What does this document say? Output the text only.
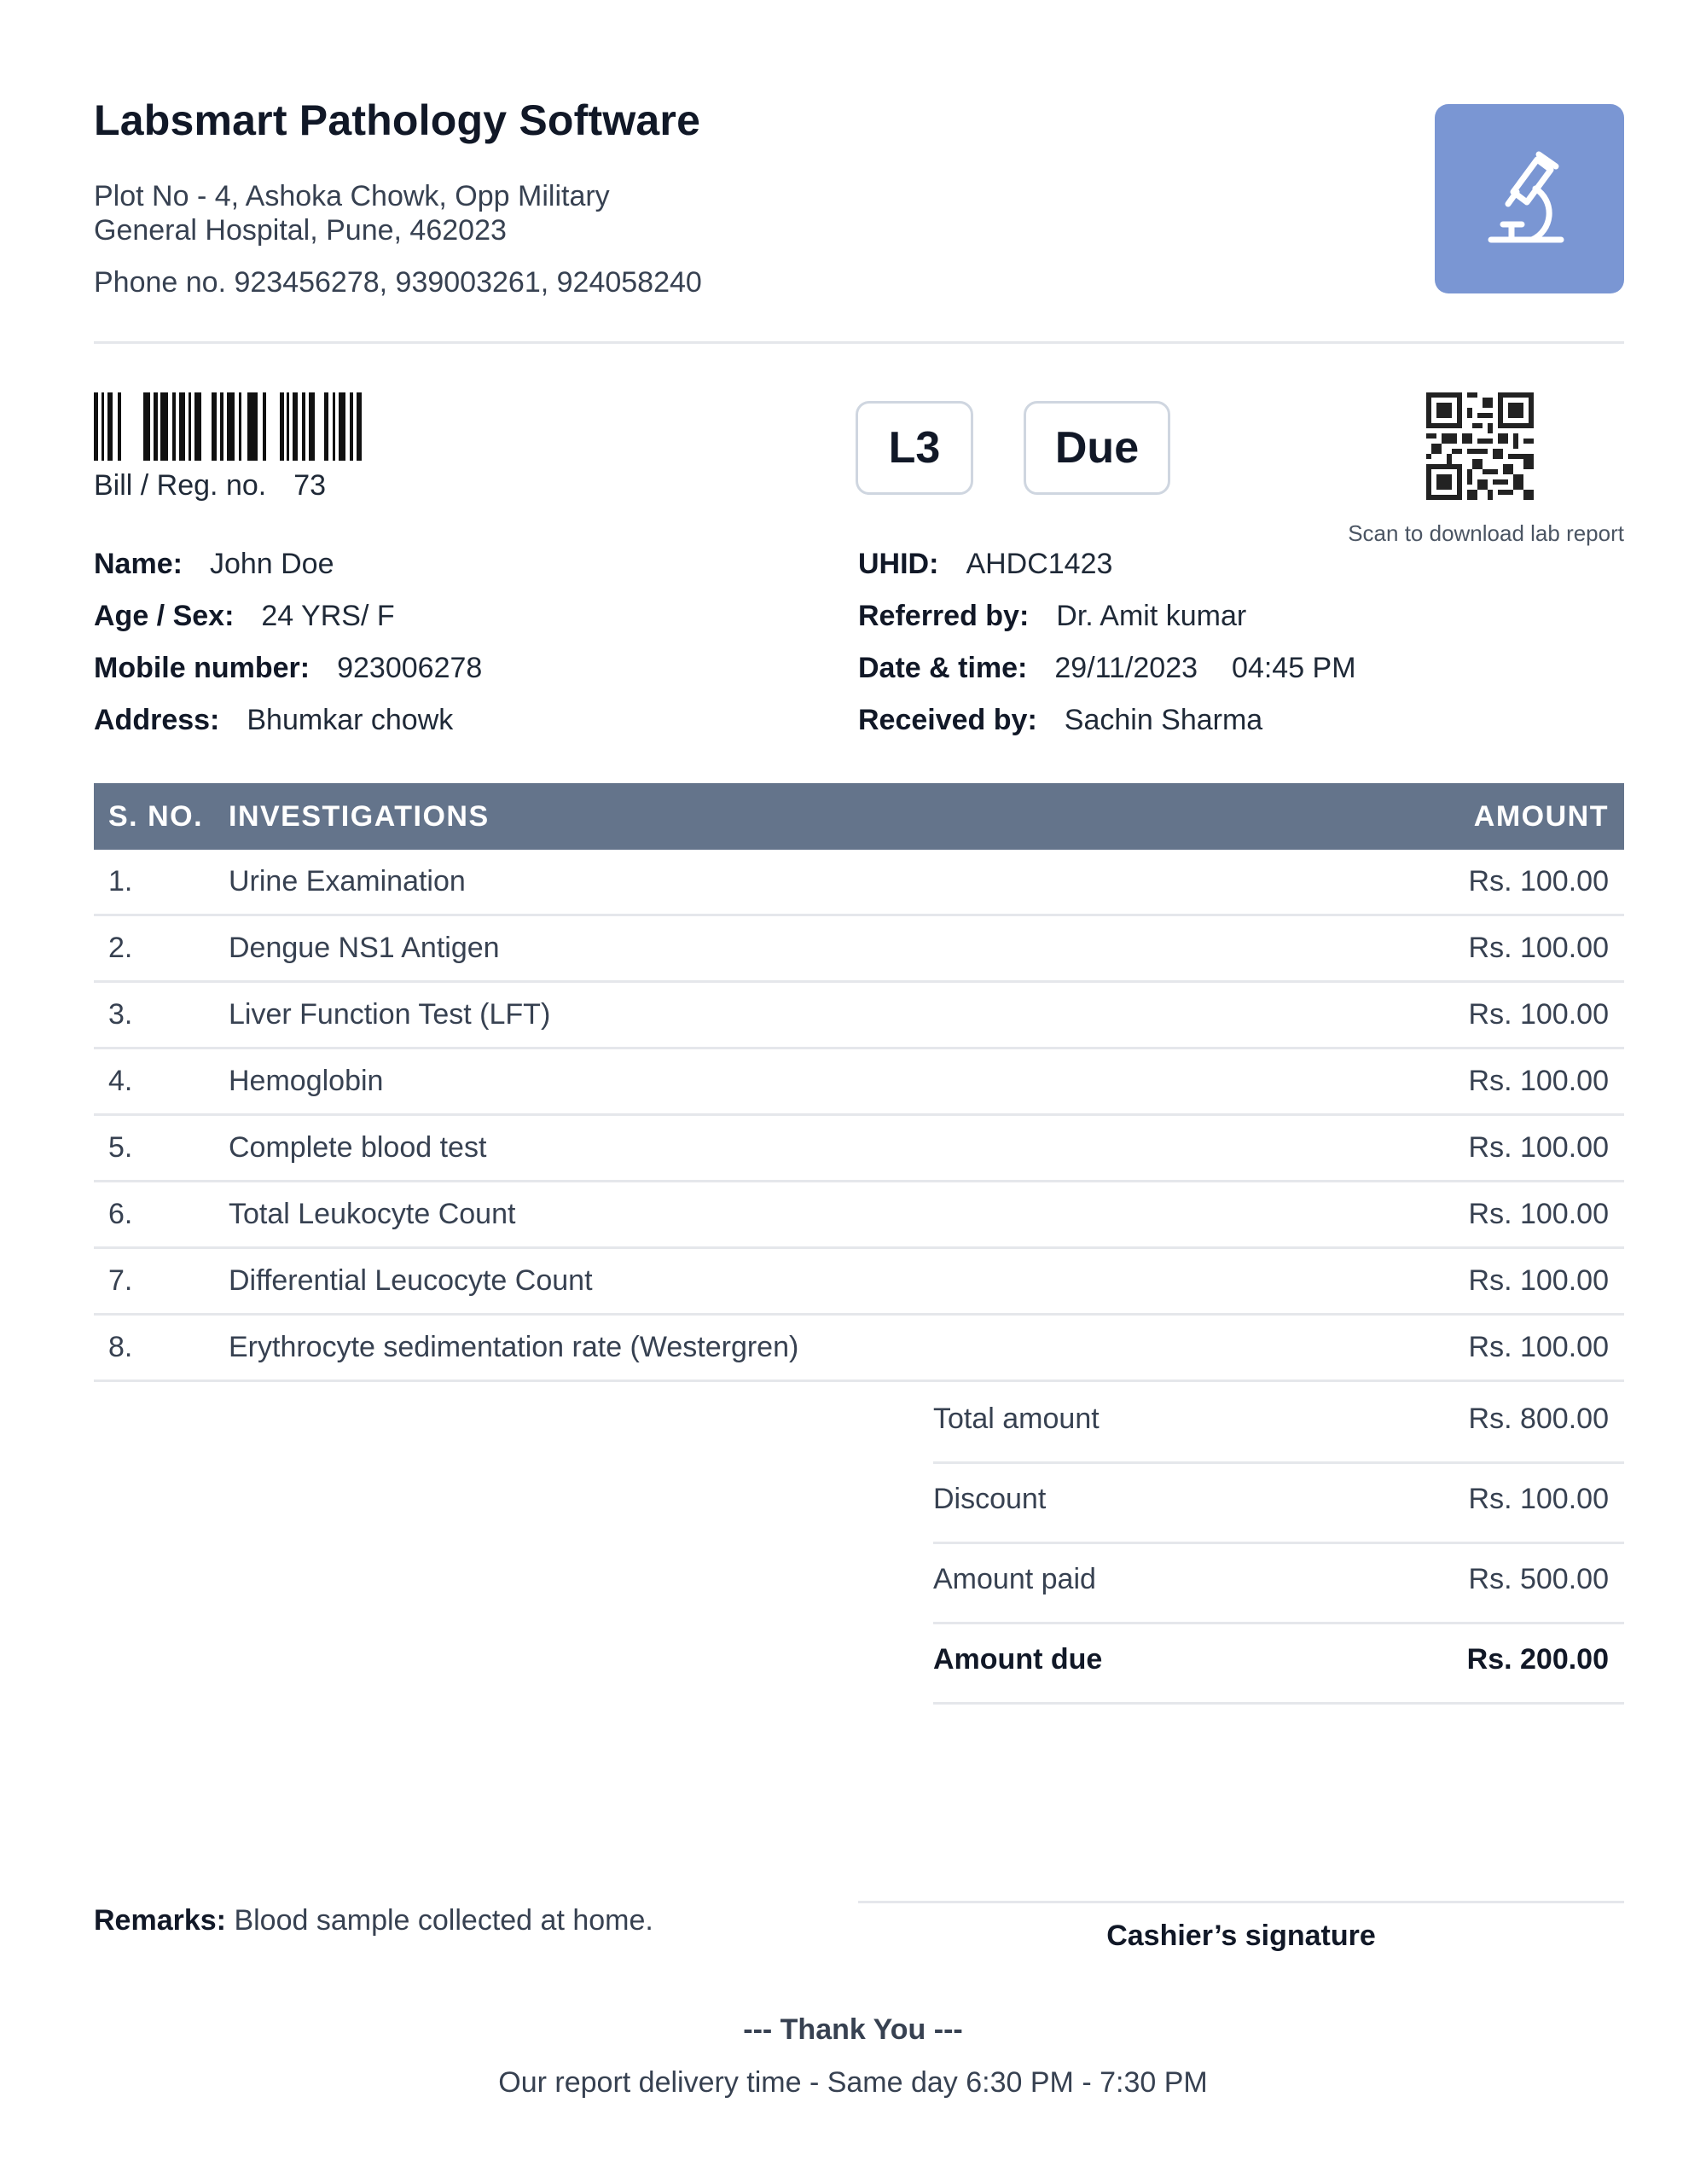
Labsmart Pathology Software
Plot No - 4, Ashoka Chowk, Opp Military General Hospital, Pune, 462023
Phone no. 923456278, 939003261, 924058240
Bill / Reg. no. 73
L3	Due
Scan to download lab report
Name: John Doe
Age / Sex: 24 YRS/ F
Mobile number: 923006278
Address: Bhumkar chowk
UHID: AHDC1423
Referred by: Dr. Amit kumar
Date & time: 29/11/2023 04:45 PM
Received by: Sachin Sharma
S. NO. INVESTIGATIONS	AMOUNT
1.	Urine Examination	Rs. 100.00
2.	Dengue NS1 Antigen	Rs. 100.00
3.	Liver Function Test (LFT)	Rs. 100.00
4.	Hemoglobin	Rs. 100.00
5.	Complete blood test	Rs. 100.00
6.	Total Leukocyte Count	Rs. 100.00
7.	Differential Leucocyte Count	Rs. 100.00
8.	Erythrocyte sedimentation rate (Westergren)	Rs. 100.00
Total amount	Rs. 800.00
Discount	Rs. 100.00
Amount paid	Rs. 500.00
Amount due	Rs. 200.00
Remarks: Blood sample collected at home.	Cashier’s signature
--- Thank You ---
Our report delivery time - Same day 6:30 PM - 7:30 PM
